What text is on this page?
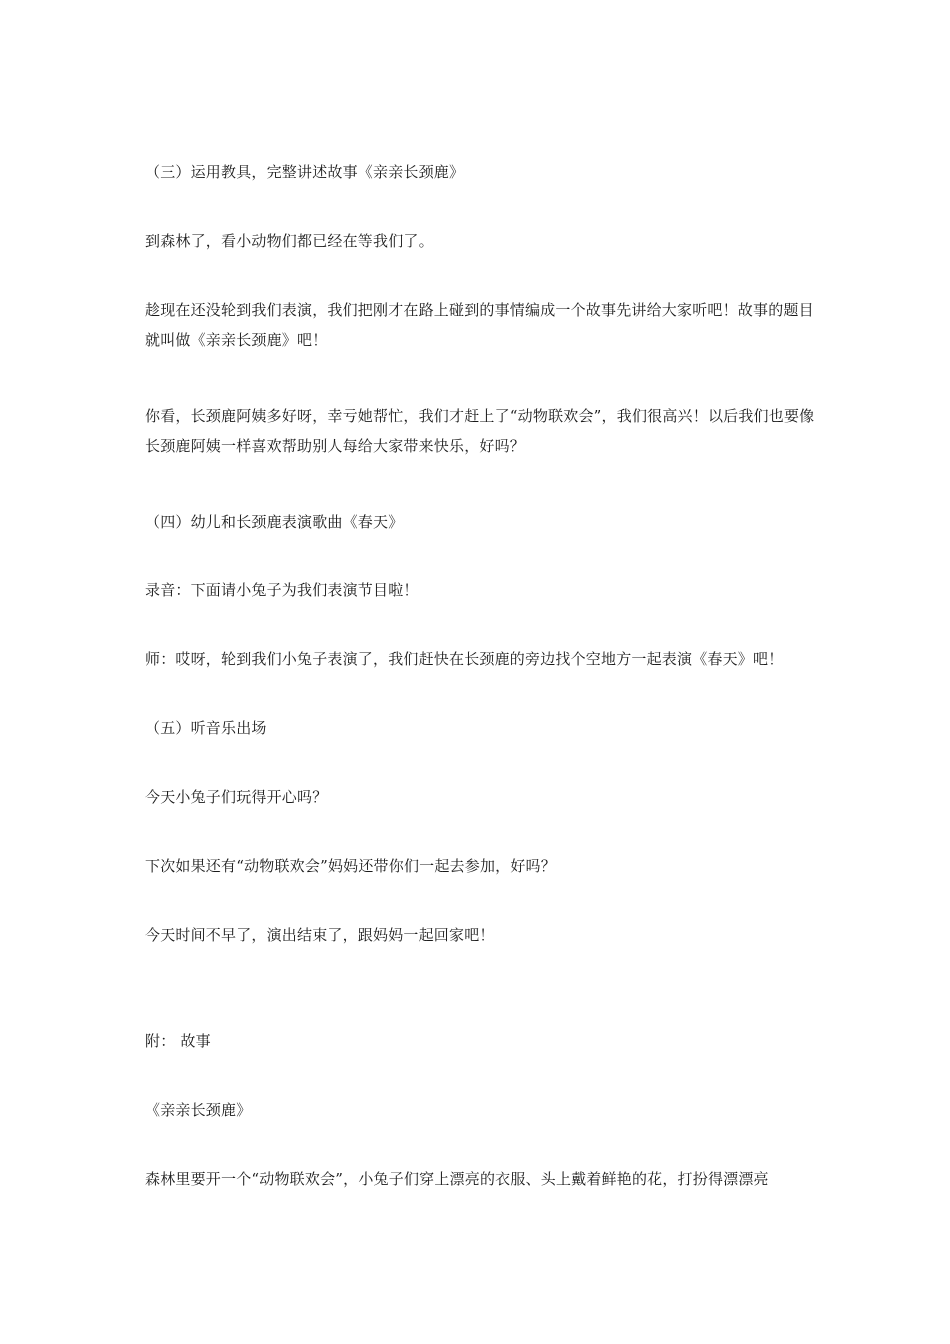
（三）运用教具，完整讲述故事《亲亲长颈鹿》
到森林了，看小动物们都已经在等我们了。
趁现在还没轮到我们表演，我们把刚才在路上碰到的事情编成一个故事先讲给大家听吧！故事的题目就叫做《亲亲长颈鹿》吧！
你看，长颈鹿阿姨多好呀，幸亏她帮忙，我们才赶上了“动物联欢会”，我们很高兴！以后我们也要像长颈鹿阿姨一样喜欢帮助别人每给大家带来快乐，好吗？
（四）幼儿和长颈鹿表演歌曲《春天》
录音：下面请小兔子为我们表演节目啦！
师：哎呀，轮到我们小兔子表演了，我们赶快在长颈鹿的旁边找个空地方一起表演《春天》吧！
（五）听音乐出场
今天小兔子们玩得开心吗？
下次如果还有“动物联欢会”妈妈还带你们一起去参加，好吗？
今天时间不早了，演出结束了，跟妈妈一起回家吧！
附： 故事
《亲亲长颈鹿》
森林里要开一个“动物联欢会”，小兔子们穿上漂亮的衣服、头上戴着鲜艳的花，打扮得漂漂亮
